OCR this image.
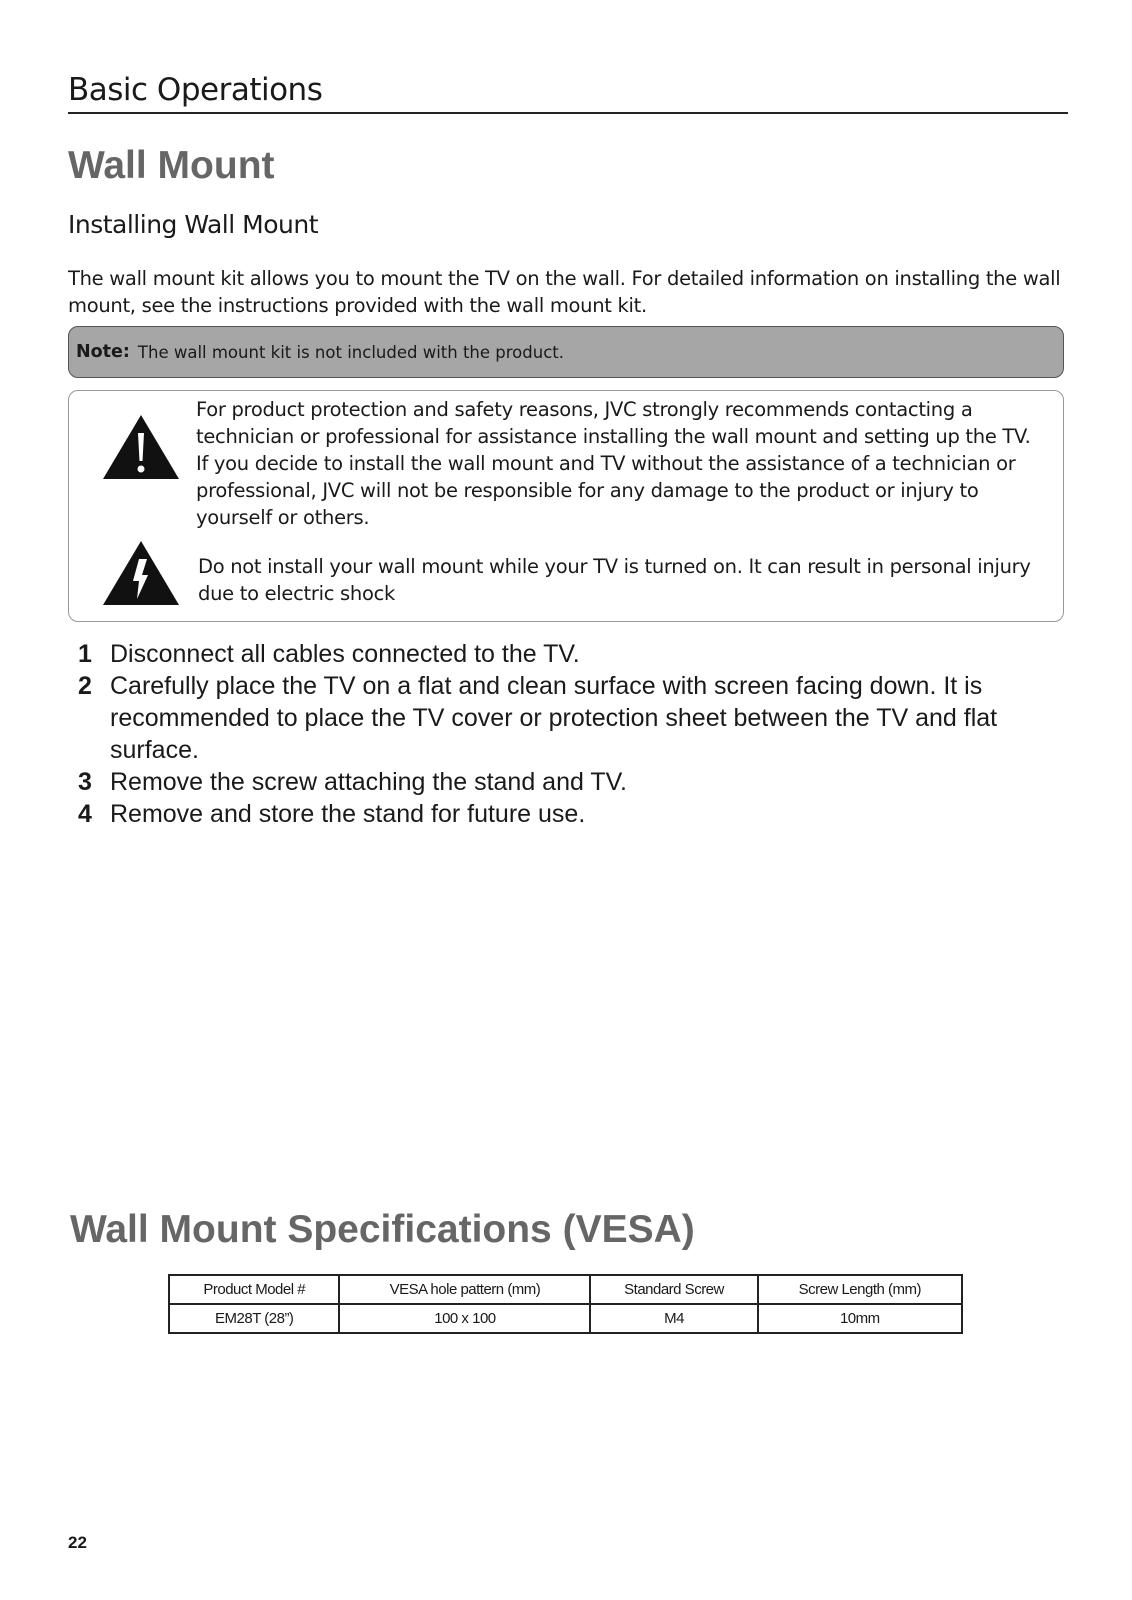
Basic Operations
Wall Mount
Installing Wall Mount
The wall mount kit allows you to mount the TV on the wall. For detailed information on installing the wall mount, see the instructions provided with the wall mount kit.
Note: The wall mount kit is not included with the product.
For product protection and safety reasons, JVC strongly recommends contacting a technician or professional for assistance installing the wall mount and setting up the TV. If you decide to install the wall mount and TV without the assistance of a technician or professional, JVC will not be responsible for any damage to the product or injury to yourself or others.
Do not install your wall mount while your TV is turned on. It can result in personal injury due to electric shock
1 Disconnect all cables connected to the TV.
2 Carefully place the TV on a flat and clean surface with screen facing down. It is recommended to place the TV cover or protection sheet between the TV and flat surface.
3 Remove the screw attaching the stand and TV.
4 Remove and store the stand for future use.
Wall Mount Specifications (VESA)
Product Model #	VESA hole pattern (mm)	Standard Screw	Screw Length (mm)
EM28T (28”)	100 x 100	M4	10mm
22
